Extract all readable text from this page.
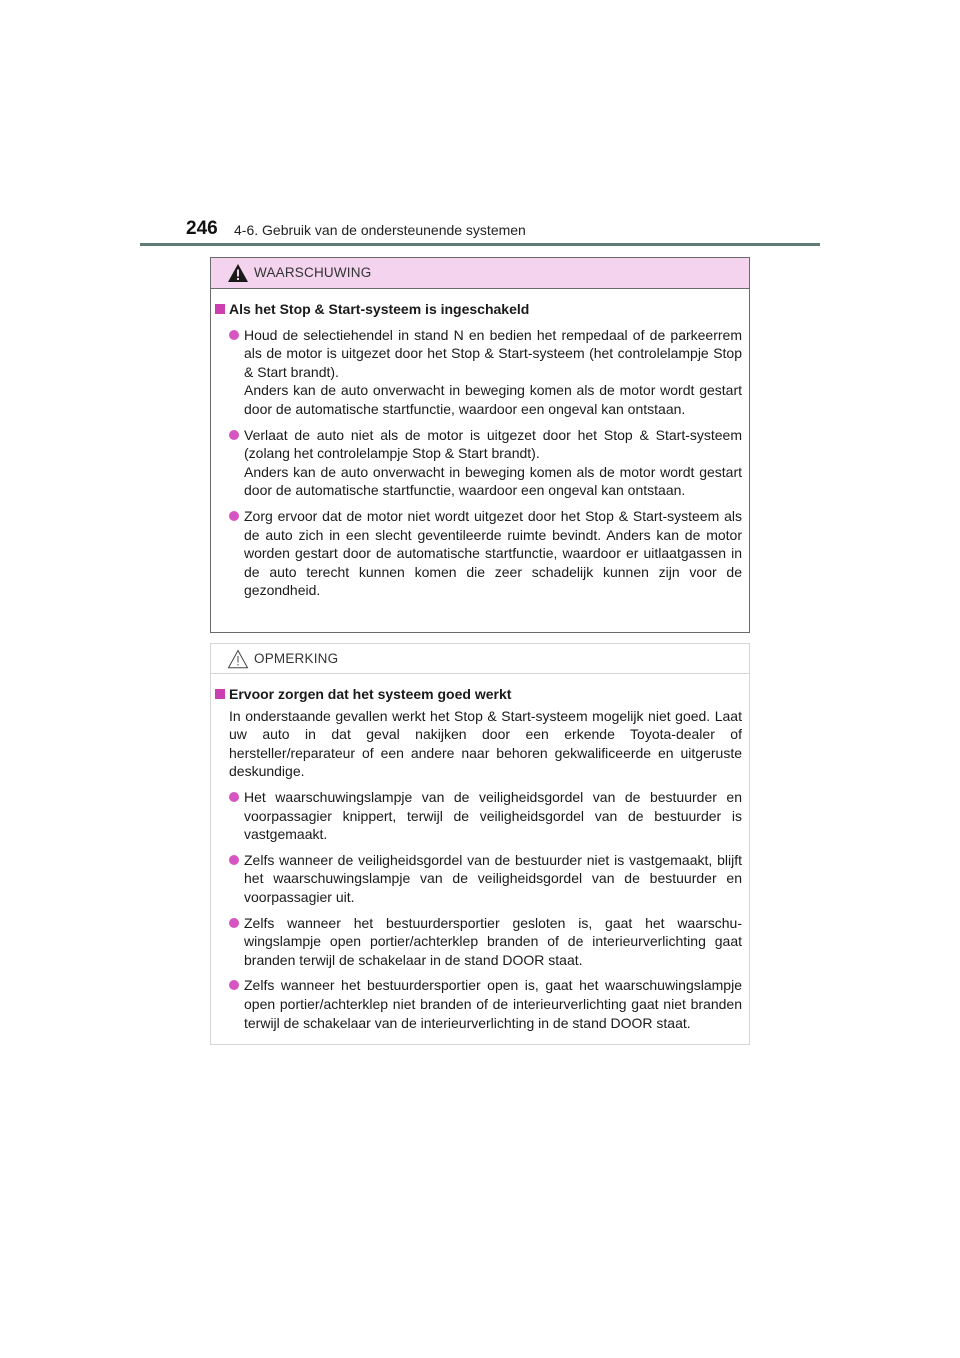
246 4-6. Gebruik van de ondersteunende systemen
WAARSCHUWING
Als het Stop & Start-systeem is ingeschakeld

Houd de selectiehendel in stand N en bedien het rempedaal of de parkeerrem als de motor is uitgezet door het Stop & Start-systeem (het controlelampje Stop & Start brandt).

Anders kan de auto onverwacht in beweging komen als de motor wordt gestart door de automatische startfunctie, waardoor een ongeval kan ontstaan.

Verlaat de auto niet als de motor is uitgezet door het Stop & Start-systeem (zolang het controlelampje Stop & Start brandt).

Anders kan de auto onverwacht in beweging komen als de motor wordt gestart door de automatische startfunctie, waardoor een ongeval kan ontstaan.

Zorg ervoor dat de motor niet wordt uitgezet door het Stop & Start-systeem als de auto zich in een slecht geventileerde ruimte bevindt. Anders kan de motor worden gestart door de automatische startfunctie, waardoor er uitlaatgassen in de auto terecht kunnen komen die zeer schadelijk kunnen zijn voor de gezondheid.

OPMERKING
Ervoor zorgen dat het systeem goed werkt

In onderstaande gevallen werkt het Stop & Start-systeem mogelijk niet goed. Laat uw auto in dat geval nakijken door een erkende Toyota-dealer of hersteller/reparateur of een andere naar behoren gekwalificeerde en uitgeruste deskundige.

Het waarschuwingslampje van de veiligheidsgordel van de bestuurder en voorpassagier knippert, terwijl de veiligheidsgordel van de bestuurder is vastgemaakt.

Zelfs wanneer de veiligheidsgordel van de bestuurder niet is vastgemaakt, blijft het waarschuwingslampje van de veiligheidsgordel van de bestuurder en voorpassagier uit.

Zelfs wanneer het bestuurdersportier gesloten is, gaat het waarschuwingslampje open portier/achterklep branden of de interieurverlichting gaat branden terwijl de schakelaar in de stand DOOR staat.

Zelfs wanneer het bestuurdersportier open is, gaat het waarschuwingslampje open portier/achterklep niet branden of de interieurverlichting gaat niet branden terwijl de schakelaar van de interieurverlichting in de stand DOOR staat.
